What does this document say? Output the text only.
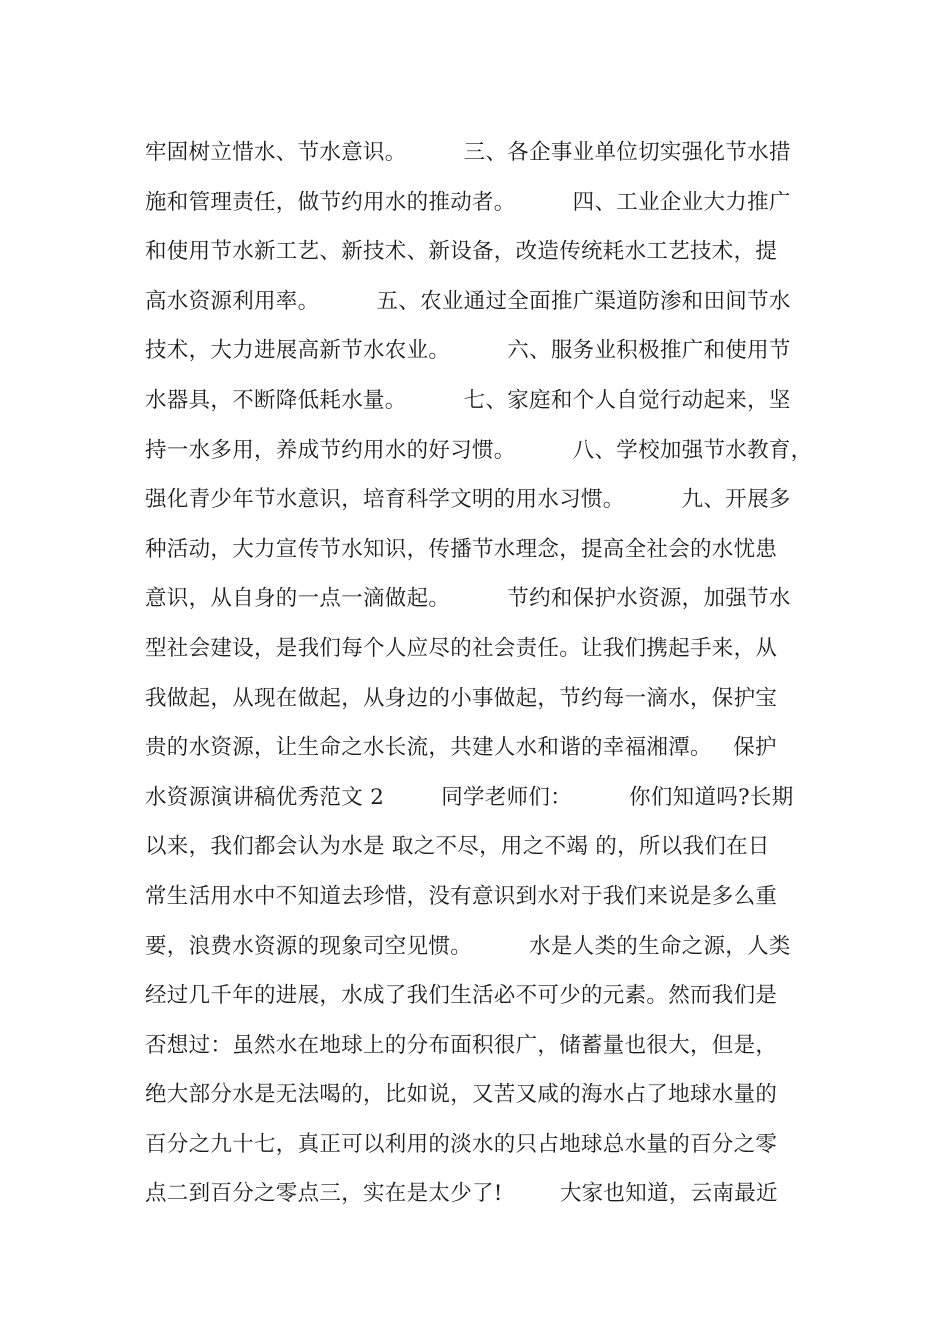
牢固树立惜水、节水意识。        三、各企事业单位切实强化节水措
施和管理责任，做节约用水的推动者。        四、工业企业大力推广
和使用节水新工艺、新技术、新设备，改造传统耗水工艺技术，提
高水资源利用率。        五、农业通过全面推广渠道防渗和田间节水
技术，大力进展高新节水农业。        六、服务业积极推广和使用节
水器具，不断降低耗水量。        七、家庭和个人自觉行动起来，坚
持一水多用，养成节约用水的好习惯。        八、学校加强节水教育，
强化青少年节水意识，培育科学文明的用水习惯。        九、开展多
种活动，大力宣传节水知识，传播节水理念，提高全社会的水忧患
意识，从自身的一点一滴做起。        节约和保护水资源，加强节水
型社会建设，是我们每个人应尽的社会责任。让我们携起手来，从
我做起，从现在做起，从身边的小事做起，节约每一滴水，保护宝
贵的水资源，让生命之水长流，共建人水和谐的幸福湘潭。   保护
水资源演讲稿优秀范文 2        同学老师们：        你们知道吗?长期
以来，我们都会认为水是 取之不尽，用之不竭 的，所以我们在日
常生活用水中不知道去珍惜，没有意识到水对于我们来说是多么重
要，浪费水资源的现象司空见惯。        水是人类的生命之源，人类
经过几千年的进展，水成了我们生活必不可少的元素。然而我们是
否想过：虽然水在地球上的分布面积很广，储蓄量也很大，但是，
绝大部分水是无法喝的，比如说，又苦又咸的海水占了地球水量的
百分之九十七，真正可以利用的淡水的只占地球总水量的百分之零
点二到百分之零点三，实在是太少了!        大家也知道，云南最近
